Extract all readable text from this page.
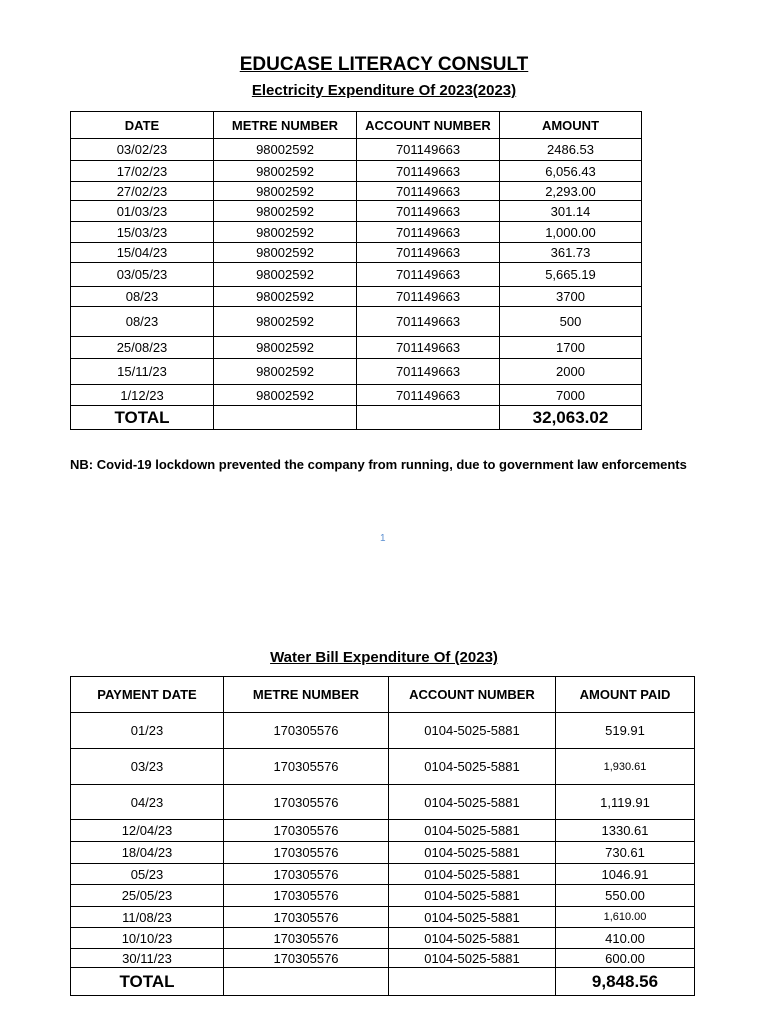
EDUCASE LITERACY CONSULT
Electricity Expenditure Of 2023(2023)
DATE	METRE NUMBER	ACCOUNT NUMBER	AMOUNT
03/02/23	98002592	701149663	2486.53
17/02/23	98002592	701149663	6,056.43
27/02/23	98002592	701149663	2,293.00
01/03/23	98002592	701149663	301.14
15/03/23	98002592	701149663	1,000.00
15/04/23	98002592	701149663	361.73
03/05/23	98002592	701149663	5,665.19
08/23	98002592	701149663	3700
08/23	98002592	701149663	500
25/08/23	98002592	701149663	1700
15/11/23	98002592	701149663	2000
1/12/23	98002592	701149663	7000
TOTAL			32,063.02
NB: Covid-19 lockdown prevented the company from running, due to government law enforcements
1
Water Bill Expenditure Of (2023)
PAYMENT DATE	METRE NUMBER	ACCOUNT NUMBER	AMOUNT PAID
01/23	170305576	0104-5025-5881	519.91
03/23	170305576	0104-5025-5881	1,930.61
04/23	170305576	0104-5025-5881	1,119.91
12/04/23	170305576	0104-5025-5881	1330.61
18/04/23	170305576	0104-5025-5881	730.61
05/23	170305576	0104-5025-5881	1046.91
25/05/23	170305576	0104-5025-5881	550.00
11/08/23	170305576	0104-5025-5881	1,610.00
10/10/23	170305576	0104-5025-5881	410.00
30/11/23	170305576	0104-5025-5881	600.00
TOTAL			9,848.56
